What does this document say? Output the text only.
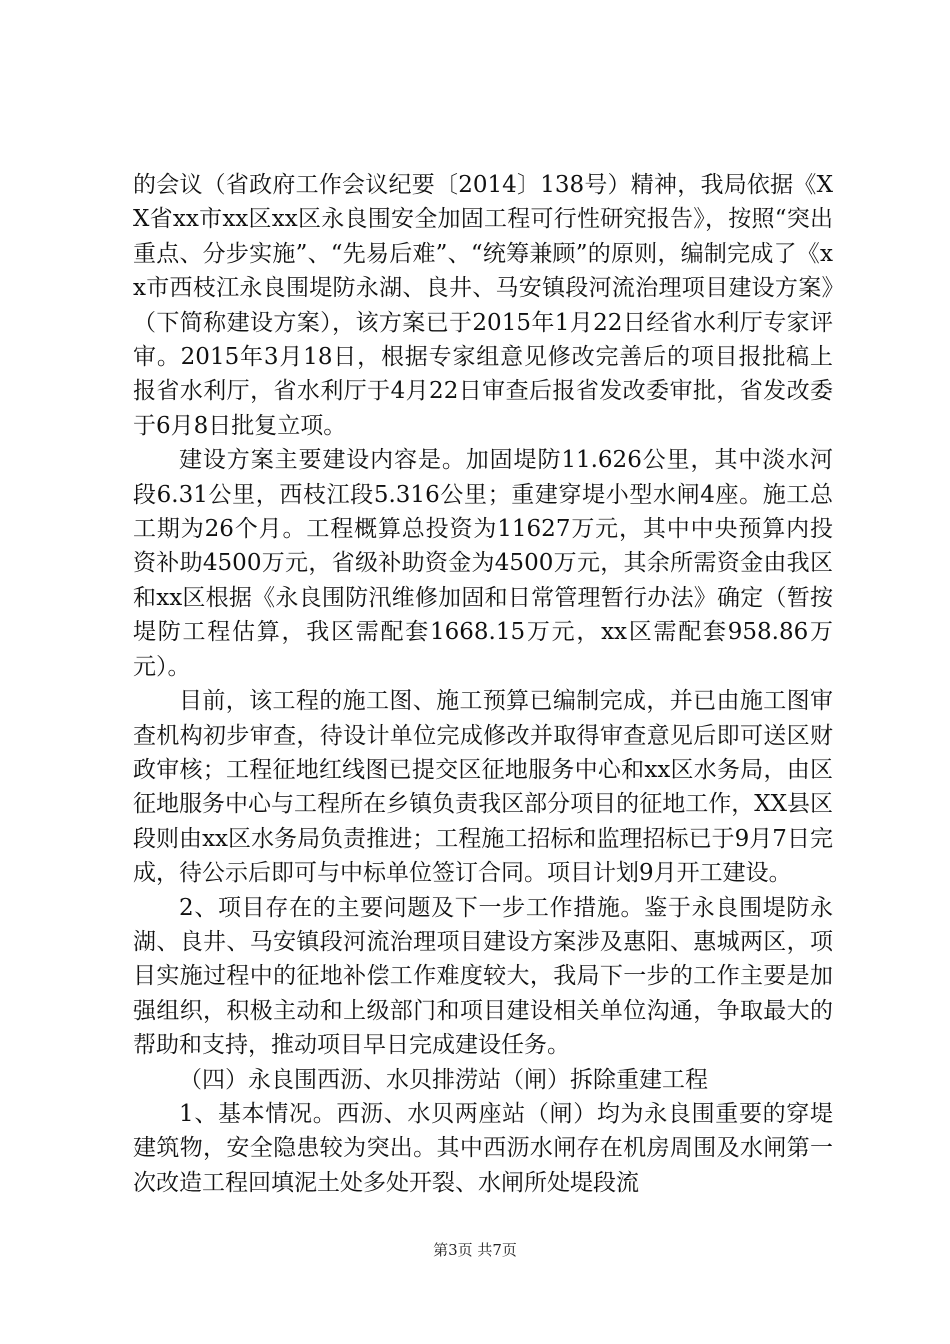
的会议（省政府工作会议纪要〔2014〕138号）精神，我局依据《XX省xx市xx区xx区永良围安全加固工程可行性研究报告》，按照“突出重点、分步实施”、“先易后难”、“统筹兼顾”的原则，编制完成了《xx市西枝江永良围堤防永湖、良井、马安镇段河流治理项目建设方案》（下简称建设方案），该方案已于2015年1月22日经省水利厅专家评审。2015年3月18日，根据专家组意见修改完善后的项目报批稿上报省水利厅，省水利厅于4月22日审查后报省发改委审批，省发改委于6月8日批复立项。

建设方案主要建设内容是。加固堤防11.626公里，其中淡水河段6.31公里，西枝江段5.316公里；重建穿堤小型水闸4座。施工总工期为26个月。工程概算总投资为11627万元，其中中央预算内投资补助4500万元，省级补助资金为4500万元，其余所需资金由我区和xx区根据《永良围防汛维修加固和日常管理暂行办法》确定（暂按堤防工程估算，我区需配套1668.15万元，xx区需配套958.86万元）。

目前，该工程的施工图、施工预算已编制完成，并已由施工图审查机构初步审查，待设计单位完成修改并取得审查意见后即可送区财政审核；工程征地红线图已提交区征地服务中心和xx区水务局，由区征地服务中心与工程所在乡镇负责我区部分项目的征地工作，XX县区段则由xx区水务局负责推进；工程施工招标和监理招标已于9月7日完成，待公示后即可与中标单位签订合同。项目计划9月开工建设。

2、项目存在的主要问题及下一步工作措施。鉴于永良围堤防永湖、良井、马安镇段河流治理项目建设方案涉及惠阳、惠城两区，项目实施过程中的征地补偿工作难度较大，我局下一步的工作主要是加强组织，积极主动和上级部门和项目建设相关单位沟通，争取最大的帮助和支持，推动项目早日完成建设任务。

（四）永良围西沥、水贝排涝站（闸）拆除重建工程

1、基本情况。西沥、水贝两座站（闸）均为永良围重要的穿堤建筑物，安全隐患较为突出。其中西沥水闸存在机房周围及水闸第一次改造工程回填泥土处多处开裂、水闸所处堤段流

第3页 共7页
